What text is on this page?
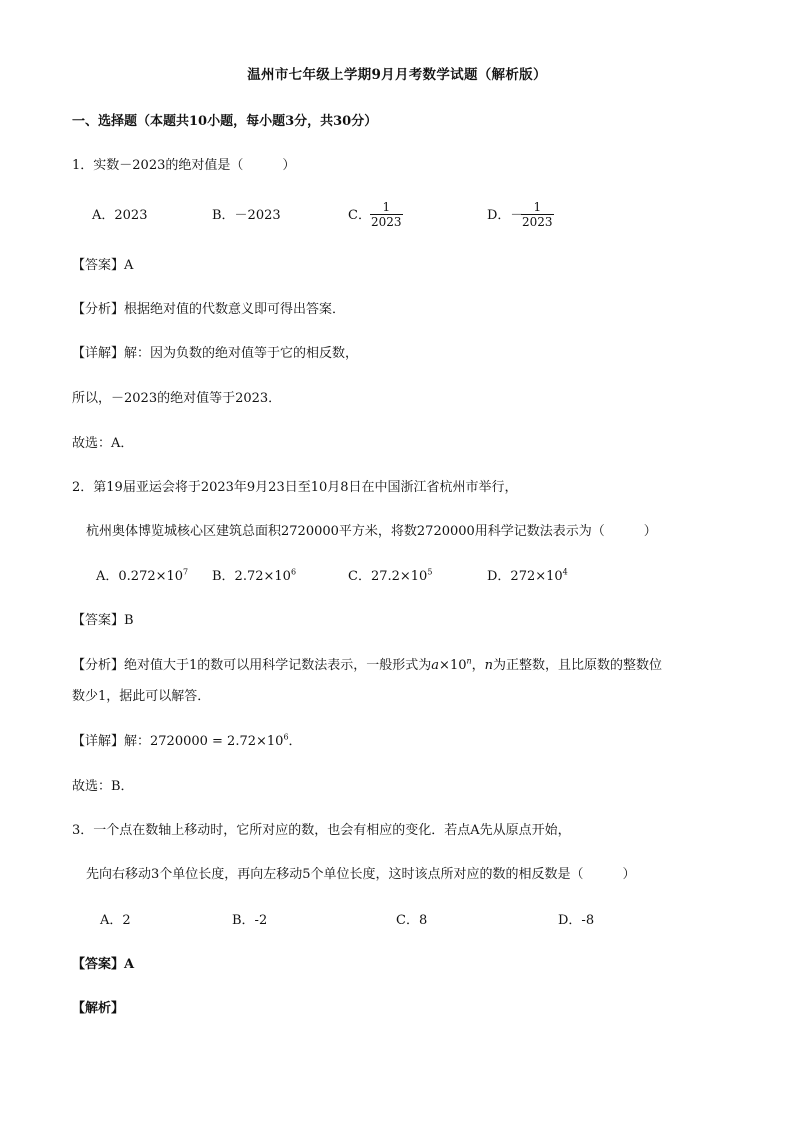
温州市七年级上学期9月月考数学试题（解析版）
一、选择题（本题共10小题，每小题3分，共30分）
1．实数－2023的绝对值是（　　　）
A．2023	B．－2023	C．
1
2023	D．－
1
2023
【答案】A
【分析】根据绝对值的代数意义即可得出答案．
【详解】解：因为负数的绝对值等于它的相反数，
所以，－2023的绝对值等于2023．
故选：A．
2．第19届亚运会将于2023年9月23日至10月8日在中国浙江省杭州市举行，
杭州奥体博览城核心区建筑总面积2720000平方米，将数2720000用科学记数法表示为（　　　）
A．$0.272\times 10^7$ B．$2.72\times 10^6$	C．$27.2\times 10^5$	D．$272\times 10^4$
【答案】B
【分析】绝对值大于1的数可以用科学记数法表示，一般形式为$a\times 10^n$，n为正整数，且比原数的整数位
数少1，据此可以解答．
【详解】解：$2720000 = 2.72\times 10^6$．
故选：B．
3．一个点在数轴上移动时，它所对应的数，也会有相应的变化．若点A先从原点开始，
先向右移动3个单位长度，再向左移动5个单位长度，这时该点所对应的数的相反数是（　　　）
A．2	B．-2	C．8	D．-8
【答案】A
【解析】
